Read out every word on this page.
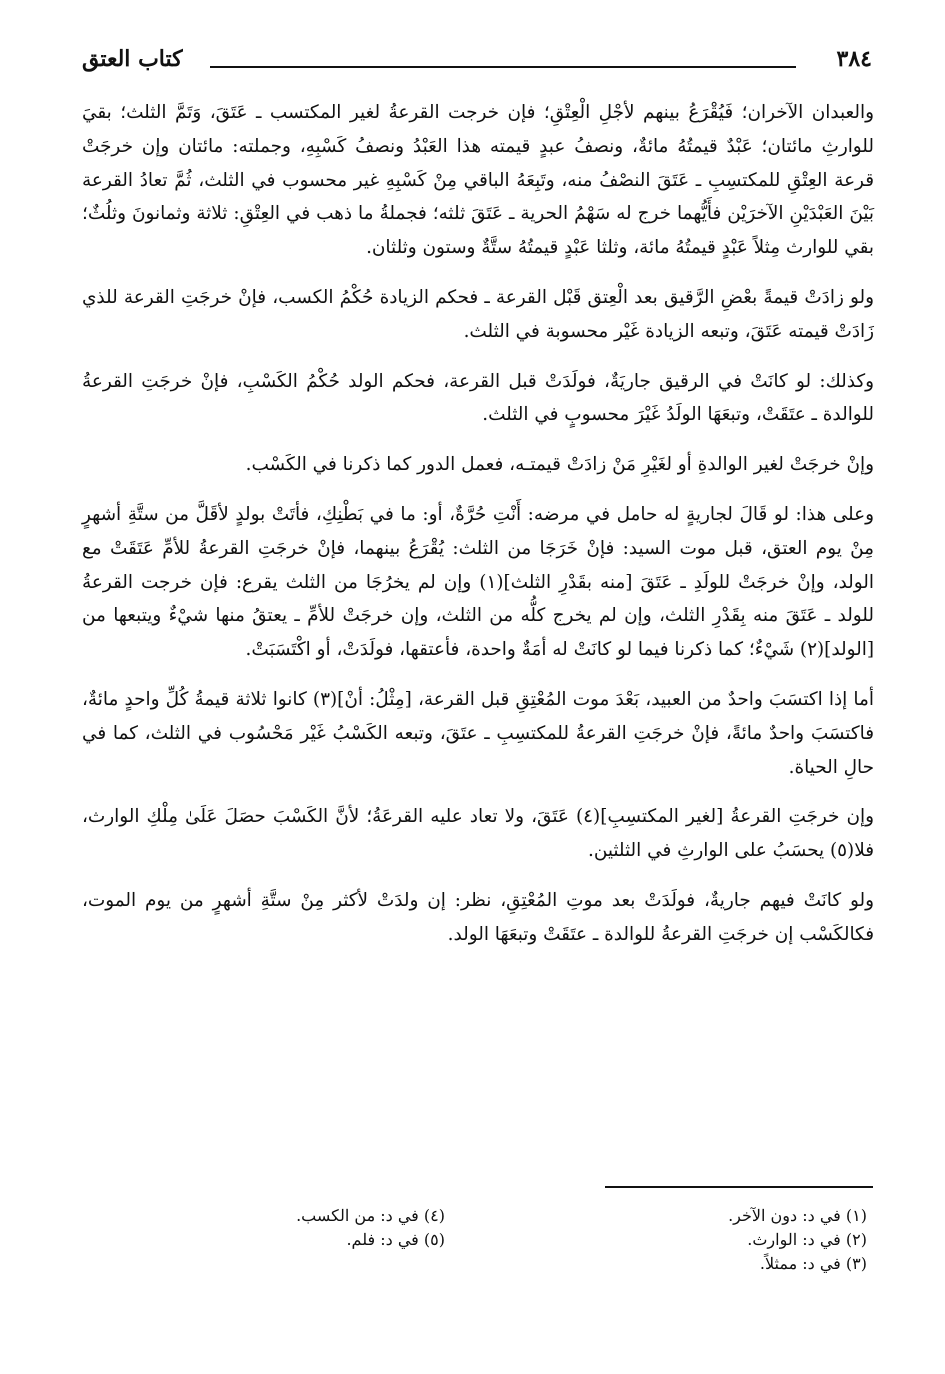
٣٨٤
كتاب العتق

والعبدان الآخران؛ فَيُقْرَعُ بينهم لأجْلِ الْعِتْقِ؛ فإن خرجت القرعةُ لغير المكتسب ـ عَتَقَ، وَتَمَّ الثلث؛ بقيَ للوارثِ مائتان؛ عَبْدٌ قيمتُهُ مائةٌ، ونصفُ عبدٍ قيمته هذا العَبْدُ ونصفُ كَسْبِهِ، وجملته: مائتان وإن خرجَتْ قرعة العِتْقِ للمكتسِبِ ـ عَتَقَ النصْفُ منه، وتَبِعَهُ الباقي مِنْ كَسْبِهِ غير محسوب في الثلث، ثُمَّ تعادُ القرعة بَيْنَ العَبْدَيْنِ الآخرَيْن فأَيُّهما خرج له سَهْمُ الحرية ـ عَتَقَ ثلثه؛ فجملةُ ما ذهب في العِتْقِ: ثلاثة وثمانونَ وثلُثٌ؛ بقي للوارث مِثلاً عَبْدٍ قيمتُهُ مائة، وثلثا عَبْدٍ قيمتُهُ ستَّةٌ وستون وثلثان.

ولو زادَتْ قيمةً بعْضِ الرَّقيق بعد الْعِتق قَبْل القرعة ـ فحكم الزيادة حُكْمُ الكسب، فإنْ خرجَتِ القرعة للذي زَادَتْ قيمته عَتَقَ، وتبعه الزيادة غَيْر محسوبة في الثلث.

وكذلك: لو كانَتْ في الرقيق جاريَةٌ، فولَدَتْ قبل القرعة، فحكم الولد حُكْمُ الكَسْبِ، فإنْ خرجَتِ القرعةُ للوالدة ـ عتَقَتْ، وتبعَهَا الولَدُ غَيْرَ محسوبٍ في الثلث.

وإنْ خرجَتْ لغير الوالدةِ أو لغَيْرِ مَنْ زادَتْ قيمتـه، فعمل الدور كما ذكرنا في الكَسْب.

وعلى هذا: لو قَالَ لجاريةٍ له حامل في مرضه: أَنْتِ حُرَّةٌ، أو: ما في بَطْنِكِ، فأتَتْ بولدٍ لأقَلَّ من ستَّةِ أشهرٍ مِنْ يوم العتق، قبل موت السيد: فإنْ خَرَجَا من الثلث: يُقْرَعُ بينهما، فإنْ خرجَتِ القرعةُ للأمِّ عَتَقَتْ مع الولد، وإنْ خرجَتْ للولَدِ ـ عَتَقَ [منه بقَدْرِ الثلث](١) وإن لم يخرُجَا من الثلث يقرع: فإن خرجت القرعةُ للولد ـ عَتَقَ منه بِقَدْرِ الثلث، وإن لم يخرج كلُّه من الثلث، وإن خرجَتْ للأمِّ ـ يعتقُ منها شيْءٌ ويتبعها من [الولد](٢) شَيْءٌ؛ كما ذكرنا فيما لو كانَتْ له أمَةٌ واحدة، فأعتقها، فولَدَتْ، أو اكْتَسَبَتْ.

أما إذا اكتسَبَ واحدٌ من العبيد، بَعْدَ موت المُعْتِقِ قبل القرعة، [مِثْلُ: أنْ](٣) كانوا ثلاثة قيمةُ كُلِّ واحدٍ مائةٌ، فاكتسَبَ واحدٌ مائةً، فإنْ خرجَتِ القرعةُ للمكتسِبِ ـ عتَقَ، وتبعه الكَسْبُ غَيْر مَحْسُوب في الثلث، كما في حالِ الحياة.

وإن خرجَتِ القرعةُ [لغير المكتسِبِ](٤) عَتَقَ، ولا تعاد عليه القرعَةُ؛ لأنَّ الكَسْبَ حصَلَ عَلَىٰ مِلْكِ الوارث، فلا(٥) يحسَبُ على الوارثِ في الثلثين.

ولو كانَتْ فيهم جاريةٌ، فولَدَتْ بعد موتِ المُعْتِقِ، نظر: إن ولدَتْ لأكثر مِنْ ستَّةِ أشهرٍ من يوم الموت، فكالكَسْب إن خرجَتِ القرعةُ للوالدة ـ عتَقَتْ وتبعَهَا الولد.

(١) في د: دون الآخر.
(٢) في د: الوارث.
(٣) في د: ممثلاً.
(٤) في د: من الكسب.
(٥) في د: فلم.
